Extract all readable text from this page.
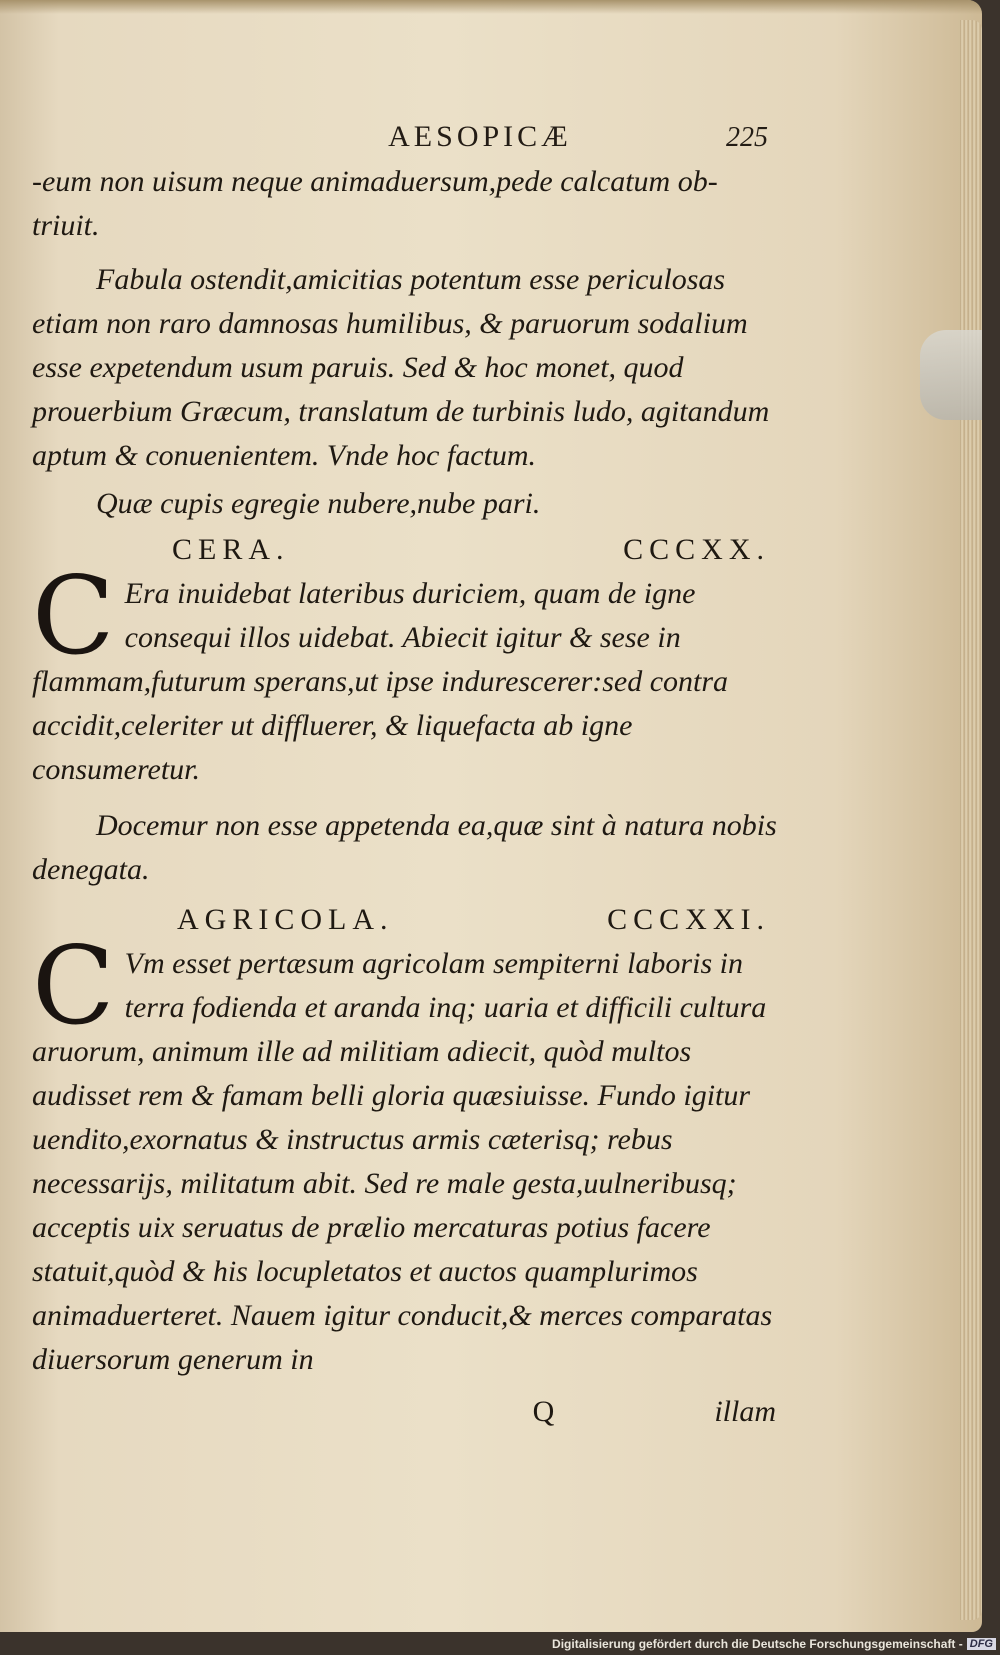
AESOPICÆ	225

-eum non uisum neque animaduersum,pede calcatum ob-

triuit.

Fabula ostendit,amicitias potentum esse periculosas etiam non raro damnosas humilibus, & paruorum sodalium esse expetendum usum paruis. Sed & hoc monet, quod prouerbium Græcum, translatum de turbinis ludo, agitandum aptum & conuenientem. Vnde hoc factum.

Quæ cupis egregie nubere,nube pari.

CERA.	CCCXX.
C Era inuidebat lateribus duriciem, quam de igne consequi illos uidebat. Abiecit igitur & sese in flammam,futurum sperans,ut ipse indurescerer:sed contra accidit,celeriter ut diffluerer, & liquefacta ab igne consumeretur.

Docemur non esse appetenda ea,quæ sint à natura nobis denegata.

AGRICOLA.	CCCXXI.
C Vm esset pertæsum agricolam sempiterni laboris in terra fodienda et aranda inq; uaria et difficili cultura aruorum, animum ille ad militiam adiecit, quòd multos audisset rem & famam belli gloria quæsiuisse. Fundo igitur uendito,exornatus & instructus armis cæterisq; rebus necessarijs, militatum abit. Sed re male gesta,uulneribusq; acceptis uix seruatus de prælio mercaturas potius facere statuit,quòd & his locupletatos et auctos quamplurimos animaduerteret. Nauem igitur conducit,& merces comparatas diuersorum generum in

Q	illam
Digitalisierung gefördert durch die Deutsche Forschungsgemeinschaft - DFG
